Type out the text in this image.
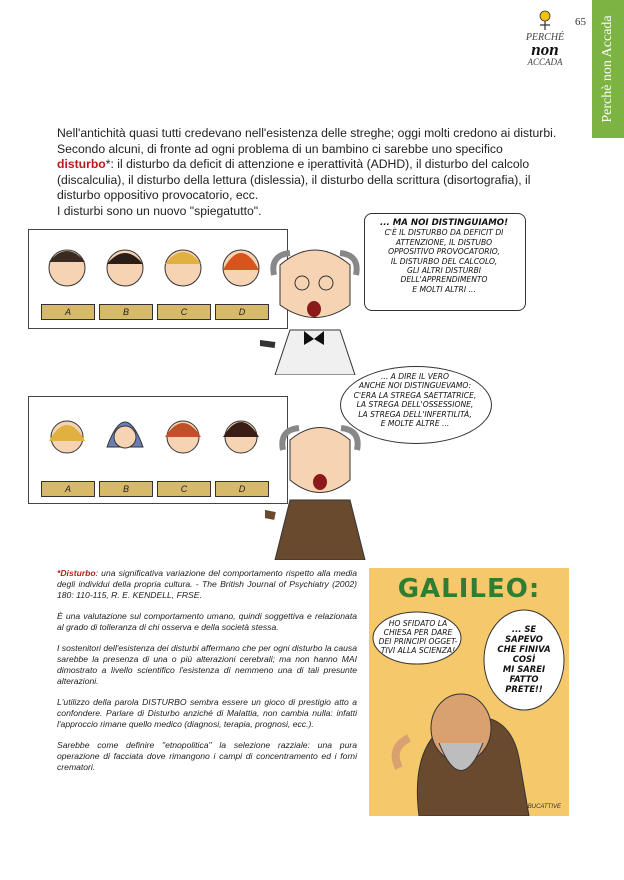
Perchè non Accada
65
PERCHÉ
non
ACCADA
Nell'antichità quasi tutti credevano nell'esistenza delle streghe; oggi molti credono ai disturbi. Secondo alcuni, di fronte ad ogni problema di un bambino ci sarebbe uno specifico disturbo*: il disturbo da deficit di attenzione e iperattività (ADHD), il disturbo del calcolo (discalculia), il disturbo della lettura (dislessia), il disturbo della scrittura (disortografia), il disturbo oppositivo provocatorio, ecc.
I disturbi sono un nuovo "spiegatutto".
A	B	C	D
... MA NOI DISTINGUIAMO!
C'È IL DISTURBO DA DEFICIT DI
ATTENZIONE, IL DISTUBO
OPPOSITIVO PROVOCATORIO,
IL DISTURBO DEL CALCOLO,
GLI ALTRI DISTURBI
DELL'APPRENDIMENTO
E MOLTI ALTRI ...
A	B	C	D
... A DIRE IL VERO
ANCHE NOI DISTINGUEVAMO:
C'ERA LA STREGA SAETTATRICE,
LA STREGA DELL'OSSESSIONE,
LA STREGA DELL'INFERTILITÀ,
E MOLTE ALTRE ...

*Disturbo: una significativa variazione del comportamento rispetto alla media degli individui della propria cultura. - The British Journal of Psychiatry (2002) 180: 110-115, R. E. KENDELL, FRSE.

È una valutazione sul comportamento umano, quindi soggettiva e relazionata al grado di tolleranza di chi osserva e della società stessa.

I sostenitori dell'esistenza dei disturbi affermano che per ogni disturbo la causa sarebbe la presenza di una o più alterazioni cerebrali; ma non hanno MAI dimostrato a livello scientifico l'esistenza di nemmeno una di tali presunte alterazioni.

L'utilizzo della parola DISTURBO sembra essere un gioco di prestigio atto a confondere. Parlare di Disturbo anziché di Malattia, non cambia nulla: infatti l'approccio rimane quello medico (diagnosi, terapia, prognosi, ecc.).

Sarebbe come definire "etnopolitica" la selezione razziale: una pura operazione di facciata dove rimangono i campi di concentramento ed i forni crematori.

GALILEO:
HO SFIDATO LA
CHIESA PER DARE
DEI PRINCIPI OGGET-
TIVI ALLA SCIENZA!
... SE
SAPEVO
CHE FINIVA
COSÌ
MI SAREI
FATTO
PRETE!!
BUCATTIVE
